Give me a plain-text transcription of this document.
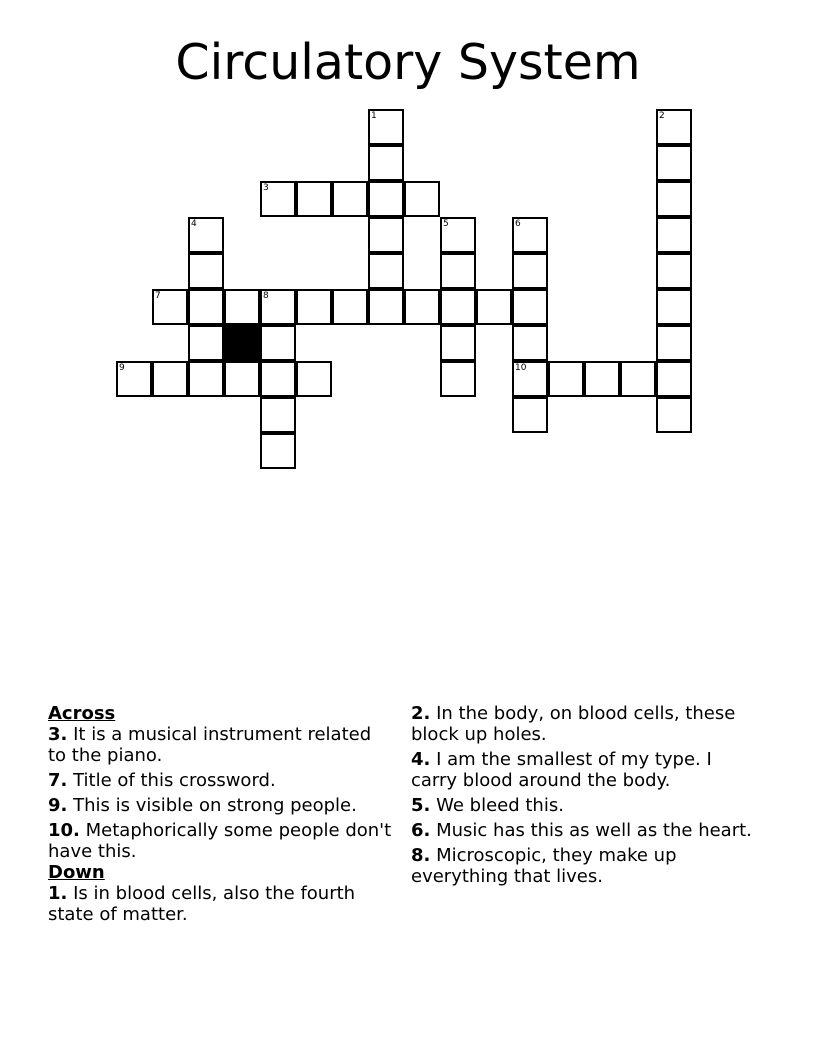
Circulatory System
1	2
3
4	5	6
10
7	8
9
Across
3. It is a musical instrument related to the piano.
7. Title of this crossword.
9. This is visible on strong people.
10. Metaphorically some people don't have this.
Down
1. Is in blood cells, also the fourth state of matter.
2. In the body, on blood cells, these block up holes.
4. I am the smallest of my type. I carry blood around the body.
5. We bleed this.
6. Music has this as well as the heart.
8. Microscopic, they make up everything that lives.
